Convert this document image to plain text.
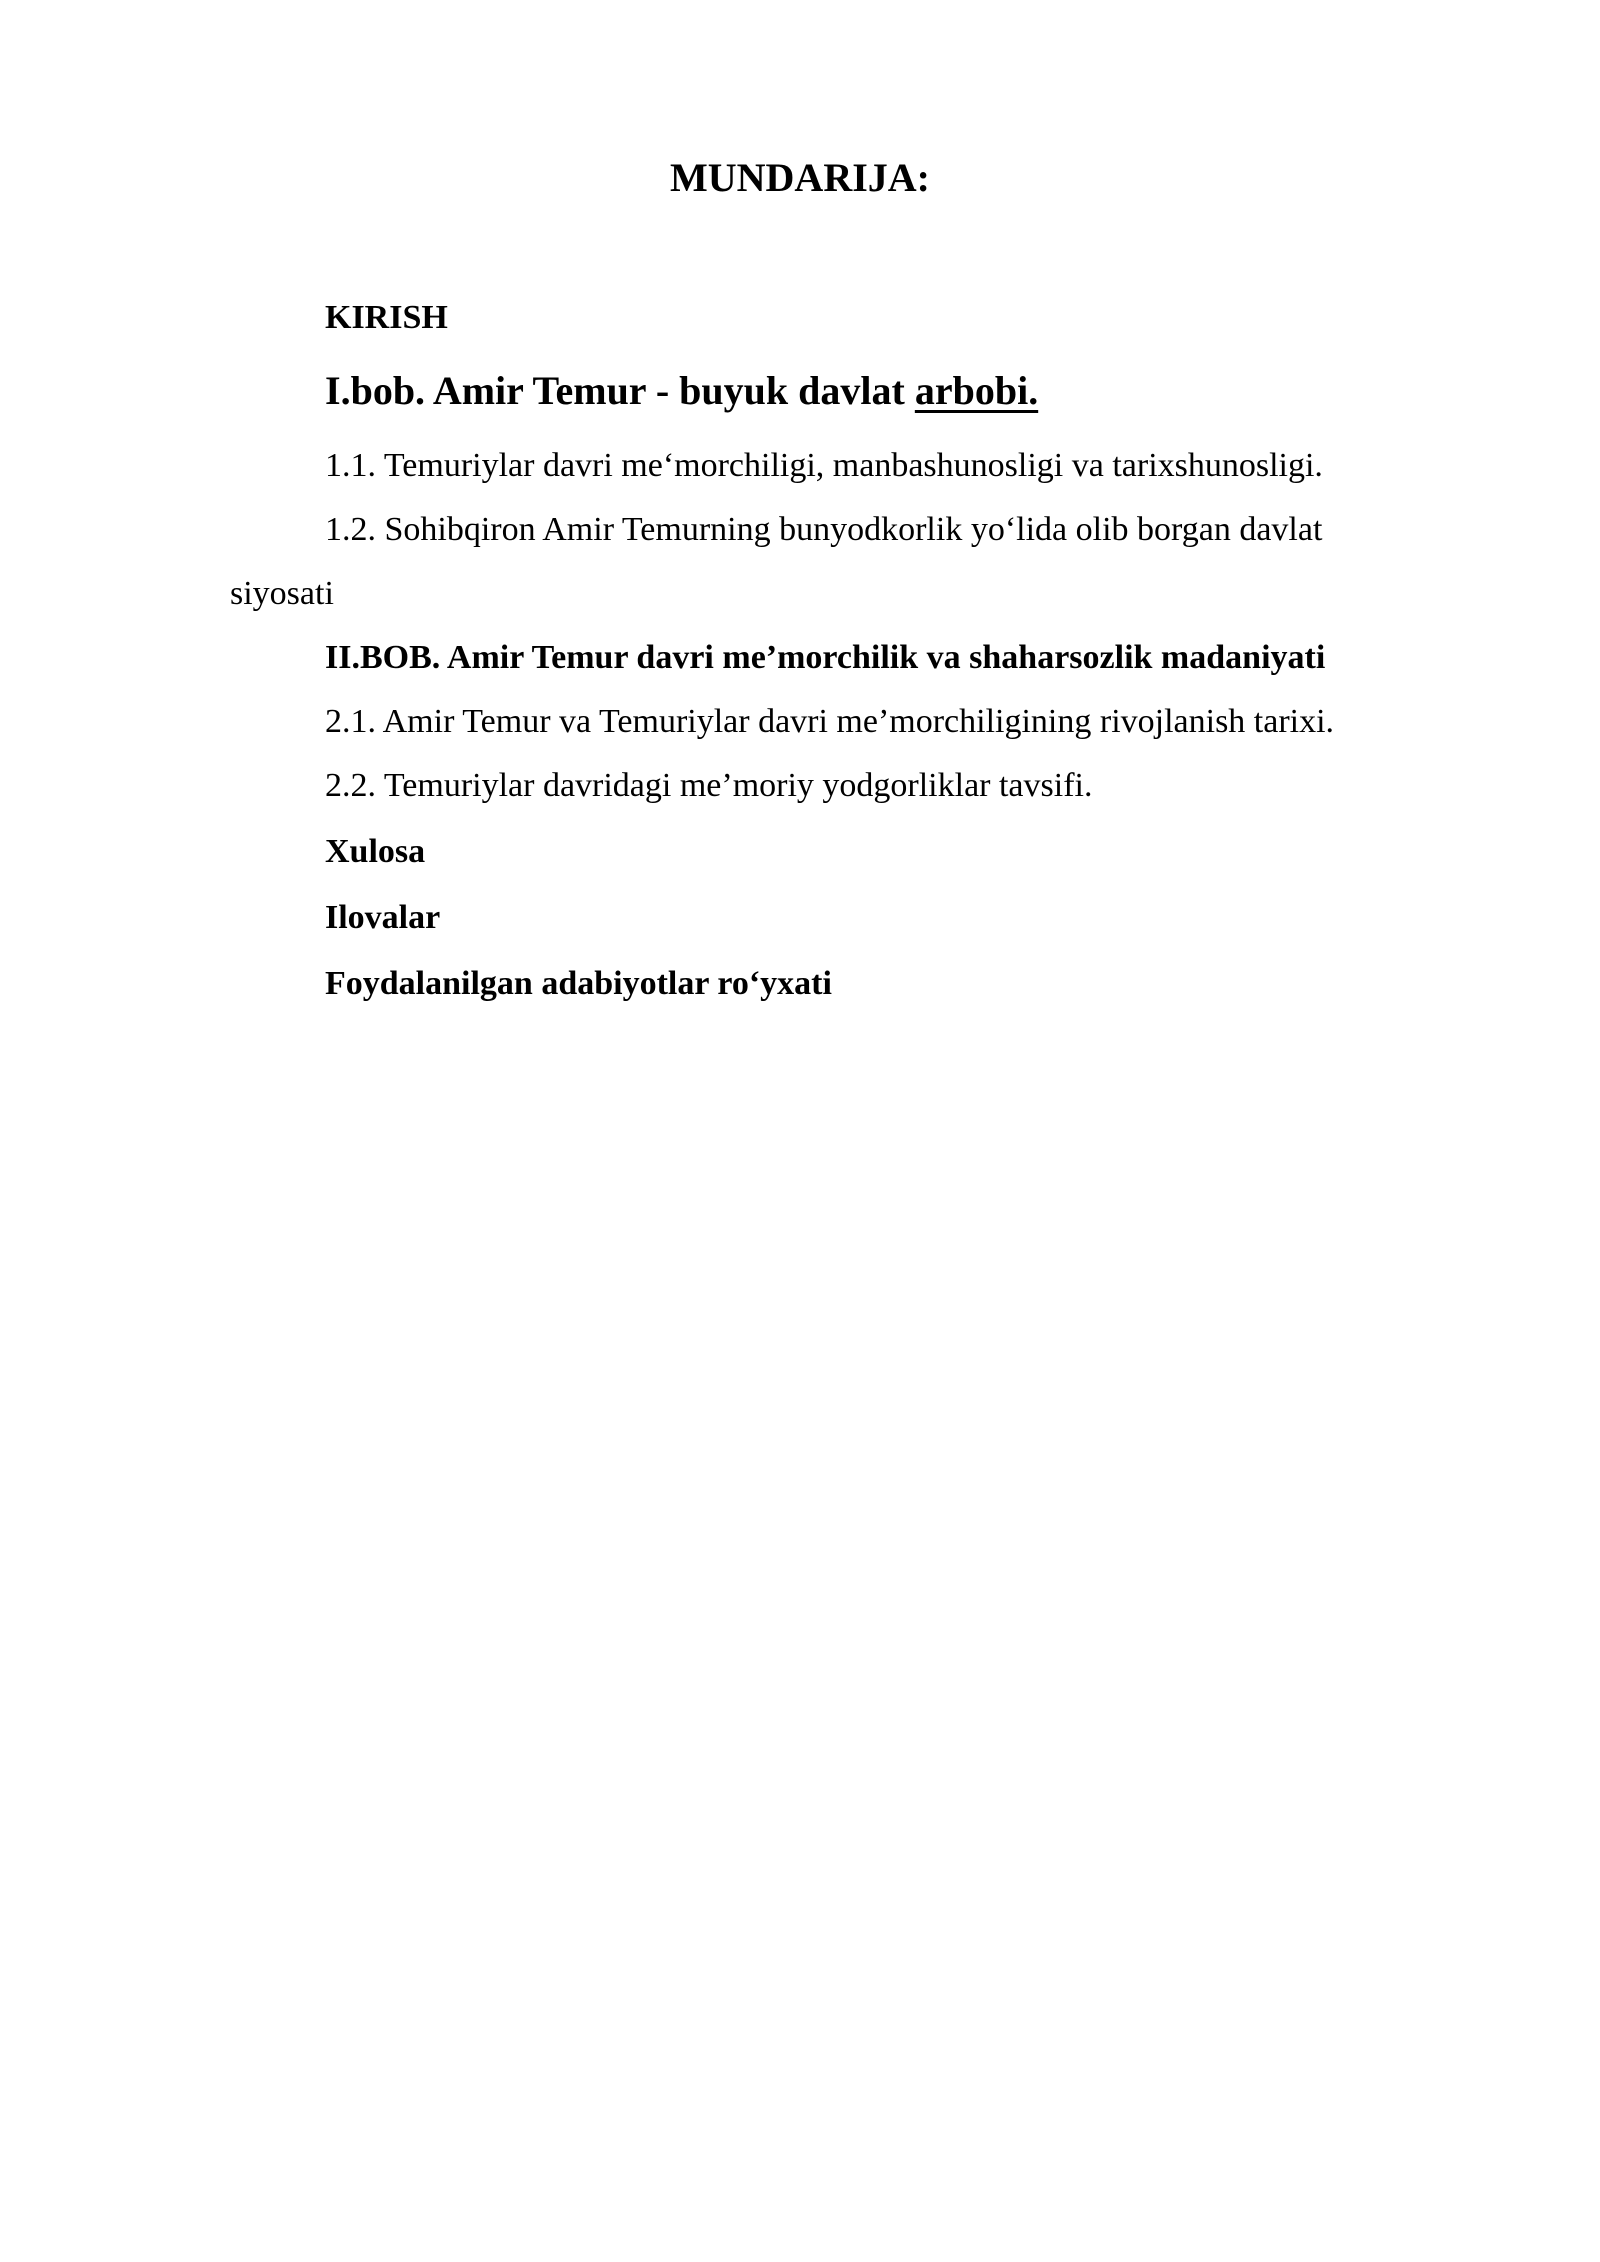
MUNDARIJA:

KIRISH

I.bob. Amir Temur - buyuk davlat arbobi.

1.1. Temuriylar davri me‘morchiligi, manbashunosligi va tarixshunosligi.

1.2. Sohibqiron Amir Temurning bunyodkorlik yo‘lida olib borgan davlat

siyosati

II.BOB. Amir Temur davri me’morchilik va shaharsozlik madaniyati

2.1. Amir Temur va Temuriylar davri me’morchiligining rivojlanish tarixi.

2.2. Temuriylar davridagi me’moriy yodgorliklar tavsifi.

Xulosa

Ilovalar

Foydalanilgan adabiyotlar ro‘yxati
